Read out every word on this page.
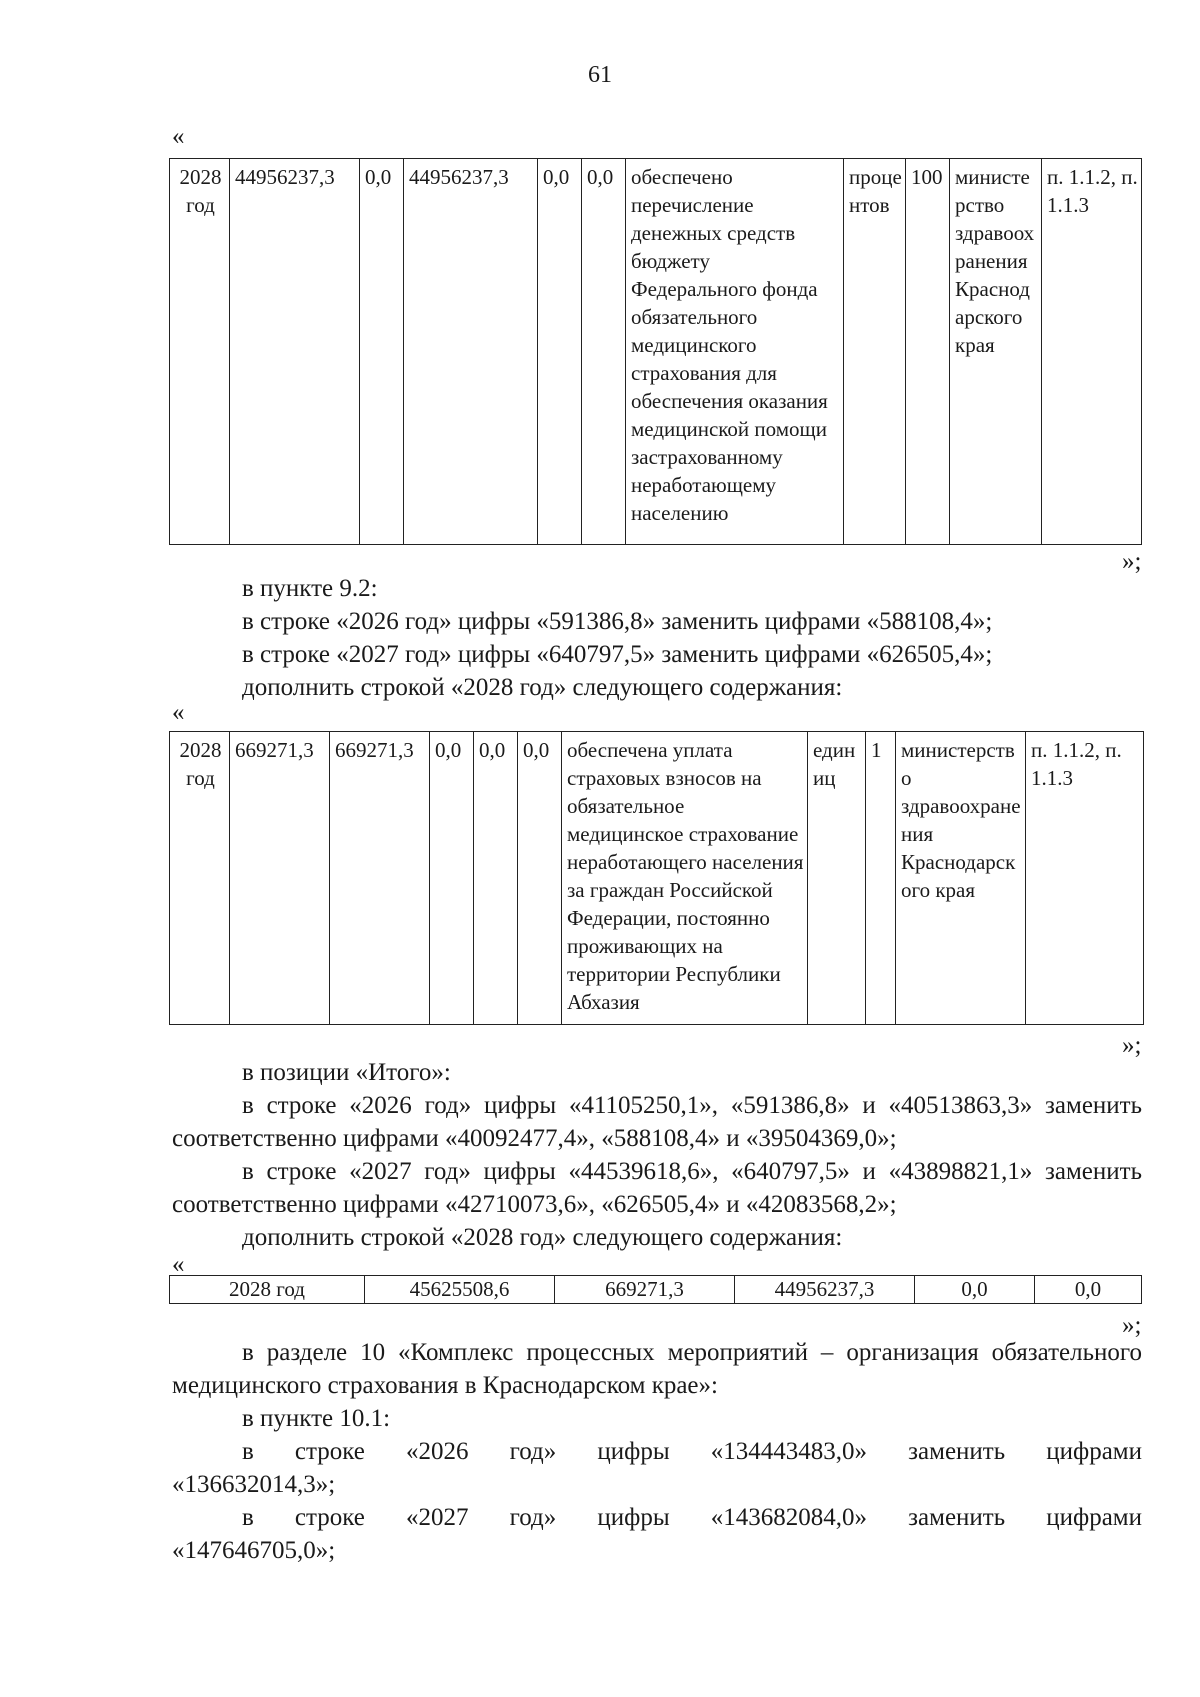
61
«
2028 год	44956237,3	0,0	44956237,3	0,0	0,0	обеспечено перечисление денежных средств бюджету Федерального фонда обязательного медицинского страхования для обеспечения оказания медицинской помощи застрахованному неработающему населению	процентов	100	министерство здравоохранения Краснодарского края	п. 1.1.2, п. 1.1.3
»;
в пункте 9.2:
в строке «2026 год» цифры «591386,8» заменить цифрами «588108,4»;
в строке «2027 год» цифры «640797,5» заменить цифрами «626505,4»;
дополнить строкой «2028 год» следующего содержания:
«
2028 год	669271,3	669271,3	0,0	0,0	0,0	обеспечена уплата страховых взносов на обязательное медицинское страхование неработающего населения за граждан Российской Федерации, постоянно проживающих на территории Республики Абхазия	единиц	1	министерство здравоохранения Краснодарского края	п. 1.1.2, п. 1.1.3
»;
в позиции «Итого»:
в строке «2026 год» цифры «41105250,1», «591386,8» и «40513863,3» заменить соответственно цифрами «40092477,4», «588108,4» и «39504369,0»;
в строке «2027 год» цифры «44539618,6», «640797,5» и «43898821,1» заменить соответственно цифрами «42710073,6», «626505,4» и «42083568,2»;
дополнить строкой «2028 год» следующего содержания:
«
2028 год	45625508,6	669271,3	44956237,3	0,0	0,0
»;
в разделе 10 «Комплекс процессных мероприятий – организация обязательного медицинского страхования в Краснодарском крае»:
в пункте 10.1:
в строке «2026 год» цифры «134443483,0» заменить цифрами «136632014,3»;
в строке «2027 год» цифры «143682084,0» заменить цифрами «147646705,0»;
